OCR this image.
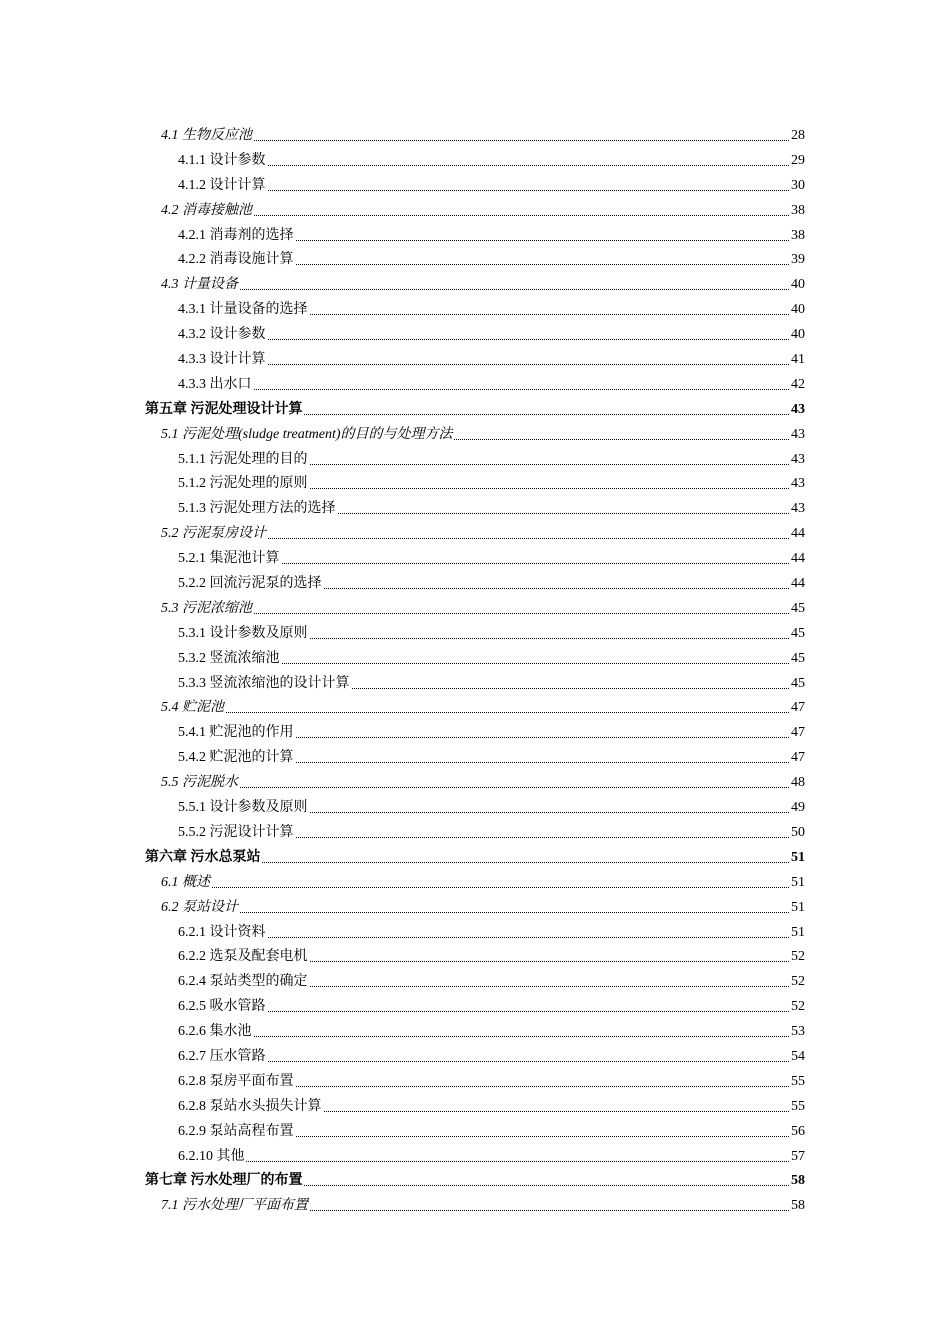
4.1 生物反应池	28
4.1.1 设计参数	29
4.1.2 设计计算	30
4.2 消毒接触池	38
4.2.1 消毒剂的选择	38
4.2.2 消毒设施计算	39
4.3 计量设备	40
4.3.1 计量设备的选择	40
4.3.2 设计参数	40
4.3.3 设计计算	41
4.3.3 出水口	42
第五章 污泥处理设计计算	43
5.1 污泥处理(sludge treatment)的目的与处理方法	43
5.1.1 污泥处理的目的	43
5.1.2 污泥处理的原则	43
5.1.3 污泥处理方法的选择	43
5.2 污泥泵房设计	44
5.2.1 集泥池计算	44
5.2.2 回流污泥泵的选择	44
5.3 污泥浓缩池	45
5.3.1 设计参数及原则	45
5.3.2 竖流浓缩池	45
5.3.3 竖流浓缩池的设计计算	45
5.4 贮泥池	47
5.4.1 贮泥池的作用	47
5.4.2 贮泥池的计算	47
5.5 污泥脱水	48
5.5.1 设计参数及原则	49
5.5.2 污泥设计计算	50
第六章 污水总泵站	51
6.1 概述	51
6.2 泵站设计	51
6.2.1 设计资料	51
6.2.2 选泵及配套电机	52
6.2.4 泵站类型的确定	52
6.2.5 吸水管路	52
6.2.6 集水池	53
6.2.7 压水管路	54
6.2.8 泵房平面布置	55
6.2.8 泵站水头损失计算	55
6.2.9 泵站高程布置	56
6.2.10 其他	57
第七章 污水处理厂的布置	58
7.1 污水处理厂平面布置	58
